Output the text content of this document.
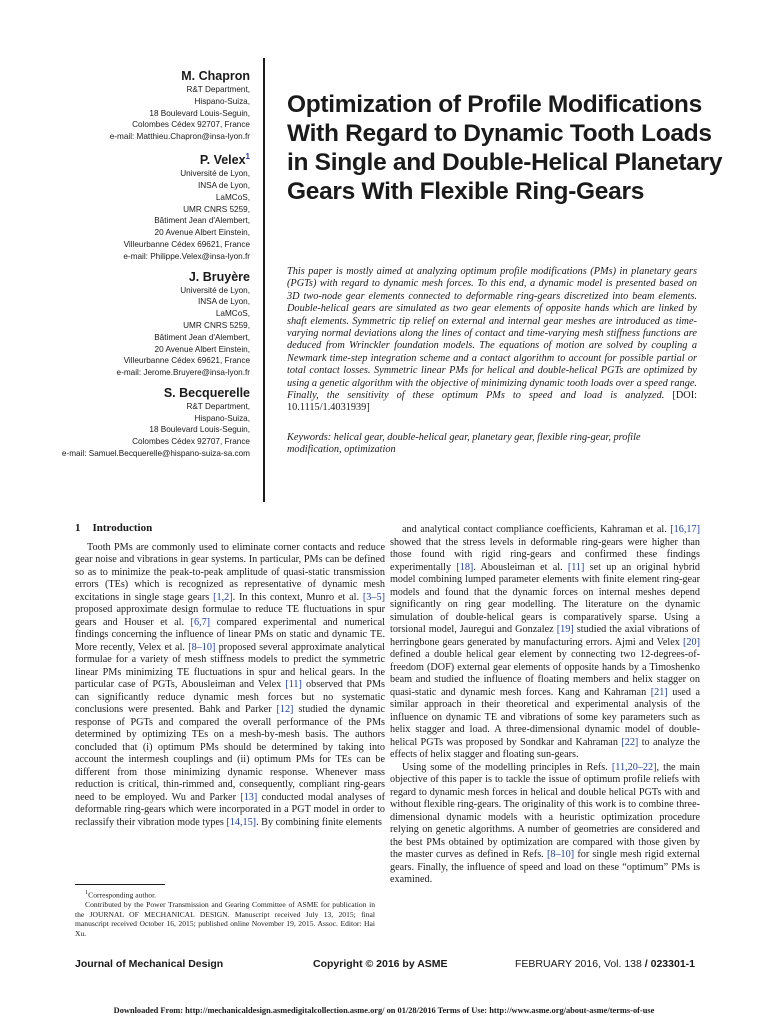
M. Chapron
R&T Department,
Hispano-Suiza,
18 Boulevard Louis-Seguin,
Colombes Cédex 92707, France
e-mail: Matthieu.Chapron@insa-lyon.fr
P. Velex$^1$
Université de Lyon,
INSA de Lyon,
LaMCoS,
UMR CNRS 5259,
Bâtiment Jean d'Alembert,
20 Avenue Albert Einstein,
Villeurbanne Cédex 69621, France
e-mail: Philippe.Velex@insa-lyon.fr
J. Bruyère
Université de Lyon,
INSA de Lyon,
LaMCoS,
UMR CNRS 5259,
Bâtiment Jean d'Alembert,
20 Avenue Albert Einstein,
Villeurbanne Cédex 69621, France
e-mail: Jerome.Bruyere@insa-lyon.fr
S. Becquerelle
R&T Department,
Hispano-Suiza,
18 Boulevard Louis-Seguin,
Colombes Cédex 92707, France
e-mail: Samuel.Becquerelle@hispano-suiza-sa.com
Optimization of Profile Modifications With Regard to Dynamic Tooth Loads in Single and Double-Helical Planetary Gears With Flexible Ring-Gears
This paper is mostly aimed at analyzing optimum profile modifications (PMs) in planetary gears (PGTs) with regard to dynamic mesh forces. To this end, a dynamic model is presented based on 3D two-node gear elements connected to deformable ring-gears discretized into beam elements. Double-helical gears are simulated as two gear elements of opposite hands which are linked by shaft elements. Symmetric tip relief on external and internal gear meshes are introduced as time-varying normal deviations along the lines of contact and time-varying mesh stiffness functions are deduced from Wrinckler foundation models. The equations of motion are solved by coupling a Newmark time-step integration scheme and a contact algorithm to account for possible partial or total contact losses. Symmetric linear PMs for helical and double-helical PGTs are optimized by using a genetic algorithm with the objective of minimizing dynamic tooth loads over a speed range. Finally, the sensitivity of these optimum PMs to speed and load is analyzed. [DOI: 10.1115/1.4031939]
Keywords: helical gear, double-helical gear, planetary gear, flexible ring-gear, profile modification, optimization
1 Introduction

Tooth PMs are commonly used to eliminate corner contacts and reduce gear noise and vibrations in gear systems. In particular, PMs can be defined so as to minimize the peak-to-peak amplitude of quasi-static transmission errors (TEs) which is recognized as representative of dynamic mesh excitations in single stage gears [1,2]. In this context, Munro et al. [3–5] proposed approximate design formulae to reduce TE fluctuations in spur gears and Houser et al. [6,7] compared experimental and numerical findings concerning the influence of linear PMs on static and dynamic TE. More recently, Velex et al. [8–10] proposed several approximate analytical formulae for a variety of mesh stiffness models to predict the symmetric linear PMs minimizing TE fluctuations in spur and helical gears. In the particular case of PGTs, Abousleiman and Velex [11] observed that PMs can significantly reduce dynamic mesh forces but no systematic conclusions were presented. Bahk and Parker [12] studied the dynamic response of PGTs and compared the overall performance of the PMs determined by optimizing TEs on a mesh-by-mesh basis. The authors concluded that (i) optimum PMs should be determined by taking into account the intermesh couplings and (ii) optimum PMs for TEs can be different from those minimizing dynamic response. Whenever mass reduction is critical, thin-rimmed and, consequently, compliant ring-gears need to be employed. Wu and Parker [13] conducted modal analyses of deformable ring-gears which were incorporated in a PGT model in order to reclassify their vibration mode types [14,15]. By combining finite elements

and analytical contact compliance coefficients, Kahraman et al. [16,17] showed that the stress levels in deformable ring-gears were higher than those found with rigid ring-gears and confirmed these findings experimentally [18]. Abousleiman et al. [11] set up an original hybrid model combining lumped parameter elements with finite element ring-gear models and found that the dynamic forces on internal meshes depend significantly on ring gear modelling. The literature on the dynamic simulation of double-helical gears is comparatively sparse. Using a torsional model, Jauregui and Gonzalez [19] studied the axial vibrations of herringbone gears generated by manufacturing errors. Ajmi and Velex [20] defined a double helical gear element by connecting two 12-degrees-of-freedom (DOF) external gear elements of opposite hands by a Timoshenko beam and studied the influence of floating members and helix stagger on quasi-static and dynamic mesh forces. Kang and Kahraman [21] used a similar approach in their theoretical and experimental analysis of the influence on dynamic TE and vibrations of some key parameters such as helix stagger and load. A three-dimensional dynamic model of double-helical PGTs was proposed by Sondkar and Kahraman [22] to analyze the effects of helix stagger and floating sun-gears.

Using some of the modelling principles in Refs. [11,20–22], the main objective of this paper is to tackle the issue of optimum profile reliefs with regard to dynamic mesh forces in helical and double helical PGTs with and without flexible ring-gears. The originality of this work is to combine three-dimensional dynamic models with a heuristic optimization procedure relying on genetic algorithms. A number of geometries are considered and the best PMs obtained by optimization are compared with those given by the master curves as defined in Refs. [8–10] for single mesh rigid external gears. Finally, the influence of speed and load on these “optimum” PMs is examined.

$^1$Corresponding author.

Contributed by the Power Transmission and Gearing Committee of ASME for publication in the JOURNAL OF MECHANICAL DESIGN. Manuscript received July 13, 2015; final manuscript received October 16, 2015; published online November 19, 2015. Assoc. Editor: Hai Xu.

Journal of Mechanical Design	Copyright © 2016 by ASME	FEBRUARY 2016, Vol. 138 / 023301-1
Downloaded From: http://mechanicaldesign.asmedigitalcollection.asme.org/ on 01/28/2016 Terms of Use: http://www.asme.org/about-asme/terms-of-use
